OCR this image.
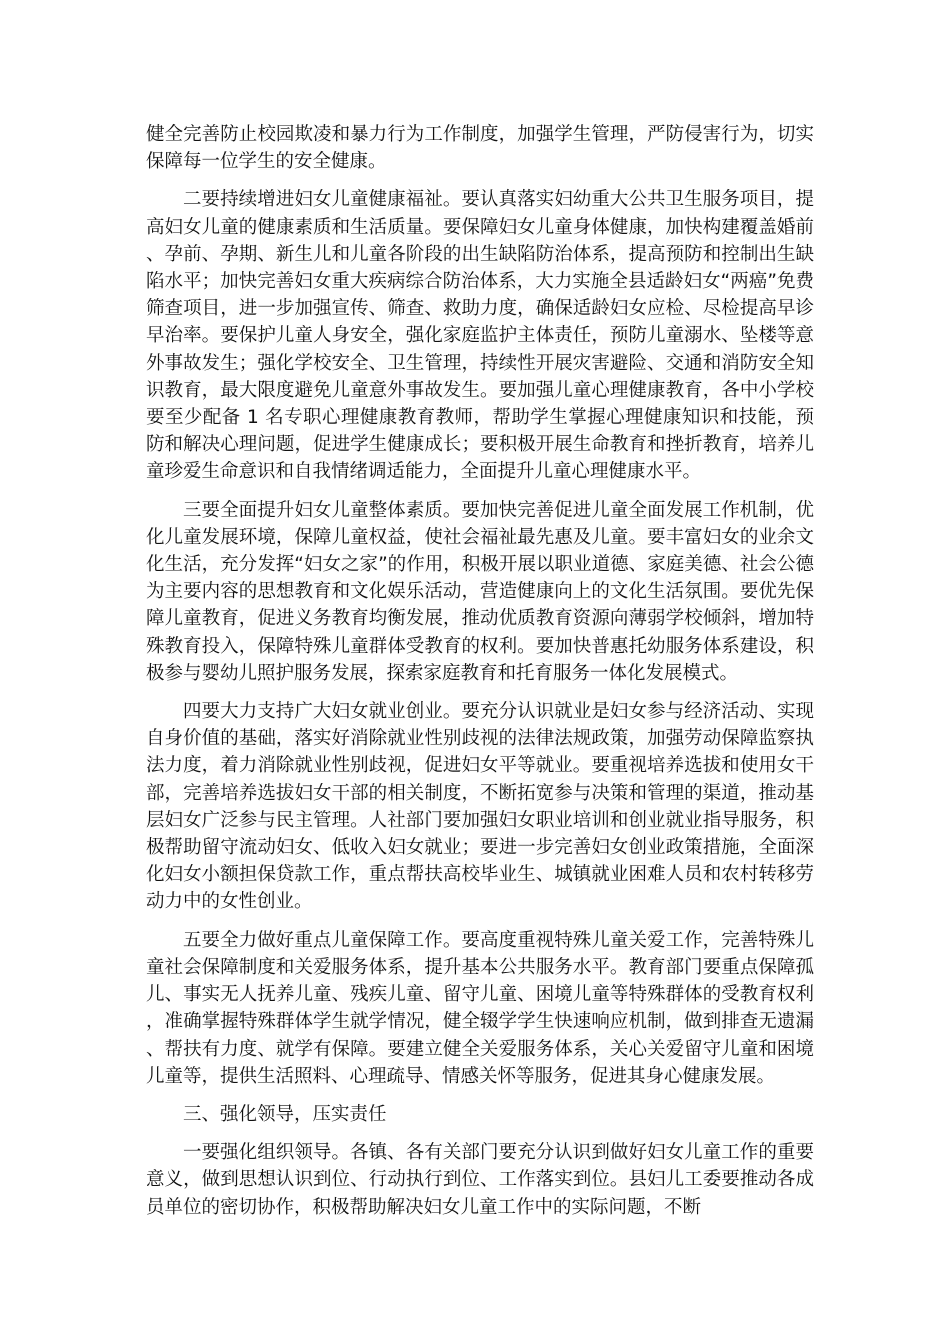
健全完善防止校园欺凌和暴力行为工作制度，加强学生管理，严防侵害行为，切实保障每一位学生的安全健康。

二要持续增进妇女儿童健康福祉。要认真落实妇幼重大公共卫生服务项目，提高妇女儿童的健康素质和生活质量。要保障妇女儿童身体健康，加快构建覆盖婚前、孕前、孕期、新生儿和儿童各阶段的出生缺陷防治体系，提高预防和控制出生缺陷水平；加快完善妇女重大疾病综合防治体系，大力实施全县适龄妇女“两癌”免费筛查项目，进一步加强宣传、筛查、救助力度，确保适龄妇女应检、尽检提高早诊早治率。要保护儿童人身安全，强化家庭监护主体责任，预防儿童溺水、坠楼等意外事故发生；强化学校安全、卫生管理，持续性开展灾害避险、交通和消防安全知识教育，最大限度避免儿童意外事故发生。要加强儿童心理健康教育，各中小学校要至少配备 1 名专职心理健康教育教师，帮助学生掌握心理健康知识和技能，预防和解决心理问题，促进学生健康成长；要积极开展生命教育和挫折教育，培养儿童珍爱生命意识和自我情绪调适能力，全面提升儿童心理健康水平。

三要全面提升妇女儿童整体素质。要加快完善促进儿童全面发展工作机制，优化儿童发展环境，保障儿童权益，使社会福祉最先惠及儿童。要丰富妇女的业余文化生活，充分发挥“妇女之家”的作用，积极开展以职业道德、家庭美德、社会公德为主要内容的思想教育和文化娱乐活动，营造健康向上的文化生活氛围。要优先保障儿童教育，促进义务教育均衡发展，推动优质教育资源向薄弱学校倾斜，增加特殊教育投入，保障特殊儿童群体受教育的权利。要加快普惠托幼服务体系建设，积极参与婴幼儿照护服务发展，探索家庭教育和托育服务一体化发展模式。

四要大力支持广大妇女就业创业。要充分认识就业是妇女参与经济活动、实现自身价值的基础，落实好消除就业性别歧视的法律法规政策，加强劳动保障监察执法力度，着力消除就业性别歧视，促进妇女平等就业。要重视培养选拔和使用女干部，完善培养选拔妇女干部的相关制度，不断拓宽参与决策和管理的渠道，推动基层妇女广泛参与民主管理。人社部门要加强妇女职业培训和创业就业指导服务，积极帮助留守流动妇女、低收入妇女就业；要进一步完善妇女创业政策措施，全面深化妇女小额担保贷款工作，重点帮扶高校毕业生、城镇就业困难人员和农村转移劳动力中的女性创业。

五要全力做好重点儿童保障工作。要高度重视特殊儿童关爱工作，完善特殊儿童社会保障制度和关爱服务体系，提升基本公共服务水平。教育部门要重点保障孤儿、事实无人抚养儿童、残疾儿童、留守儿童、困境儿童等特殊群体的受教育权利，准确掌握特殊群体学生就学情况，健全辍学学生快速响应机制，做到排查无遗漏、帮扶有力度、就学有保障。要建立健全关爱服务体系，关心关爱留守儿童和困境儿童等，提供生活照料、心理疏导、情感关怀等服务，促进其身心健康发展。

三、强化领导，压实责任

一要强化组织领导。各镇、各有关部门要充分认识到做好妇女儿童工作的重要意义，做到思想认识到位、行动执行到位、工作落实到位。县妇儿工委要推动各成员单位的密切协作，积极帮助解决妇女儿童工作中的实际问题，不断
